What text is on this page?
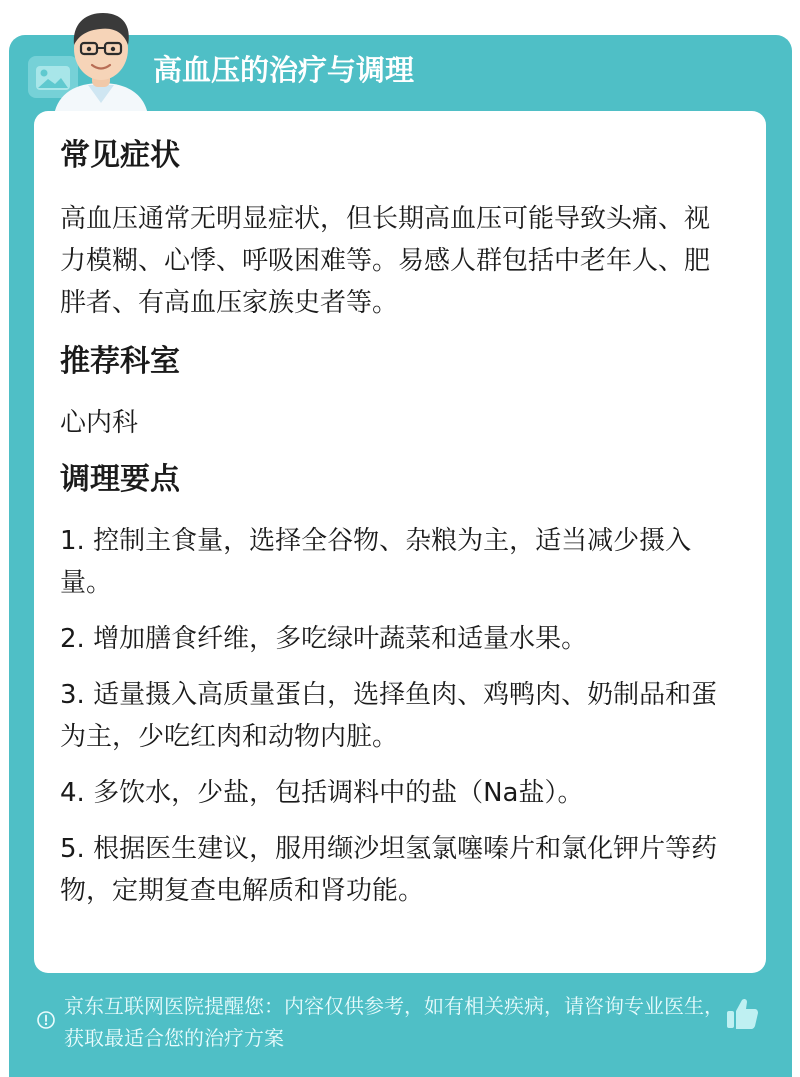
高血压的治疗与调理

常见症状

高血压通常无明显症状，但长期高血压可能导致头痛、视力模糊、心悸、呼吸困难等。易感人群包括中老年人、肥胖者、有高血压家族史者等。

推荐科室

心内科

调理要点

1. 控制主食量，选择全谷物、杂粮为主，适当减少摄入量。

2. 增加膳食纤维，多吃绿叶蔬菜和适量水果。

3. 适量摄入高质量蛋白，选择鱼肉、鸡鸭肉、奶制品和蛋为主，少吃红肉和动物内脏。

4. 多饮水，少盐，包括调料中的盐（Na盐）。

5. 根据医生建议，服用缬沙坦氢氯噻嗪片和氯化钾片等药物，定期复查电解质和肾功能。

京东互联网医院提醒您：内容仅供参考，如有相关疾病，请咨询专业医生，获取最适合您的治疗方案
